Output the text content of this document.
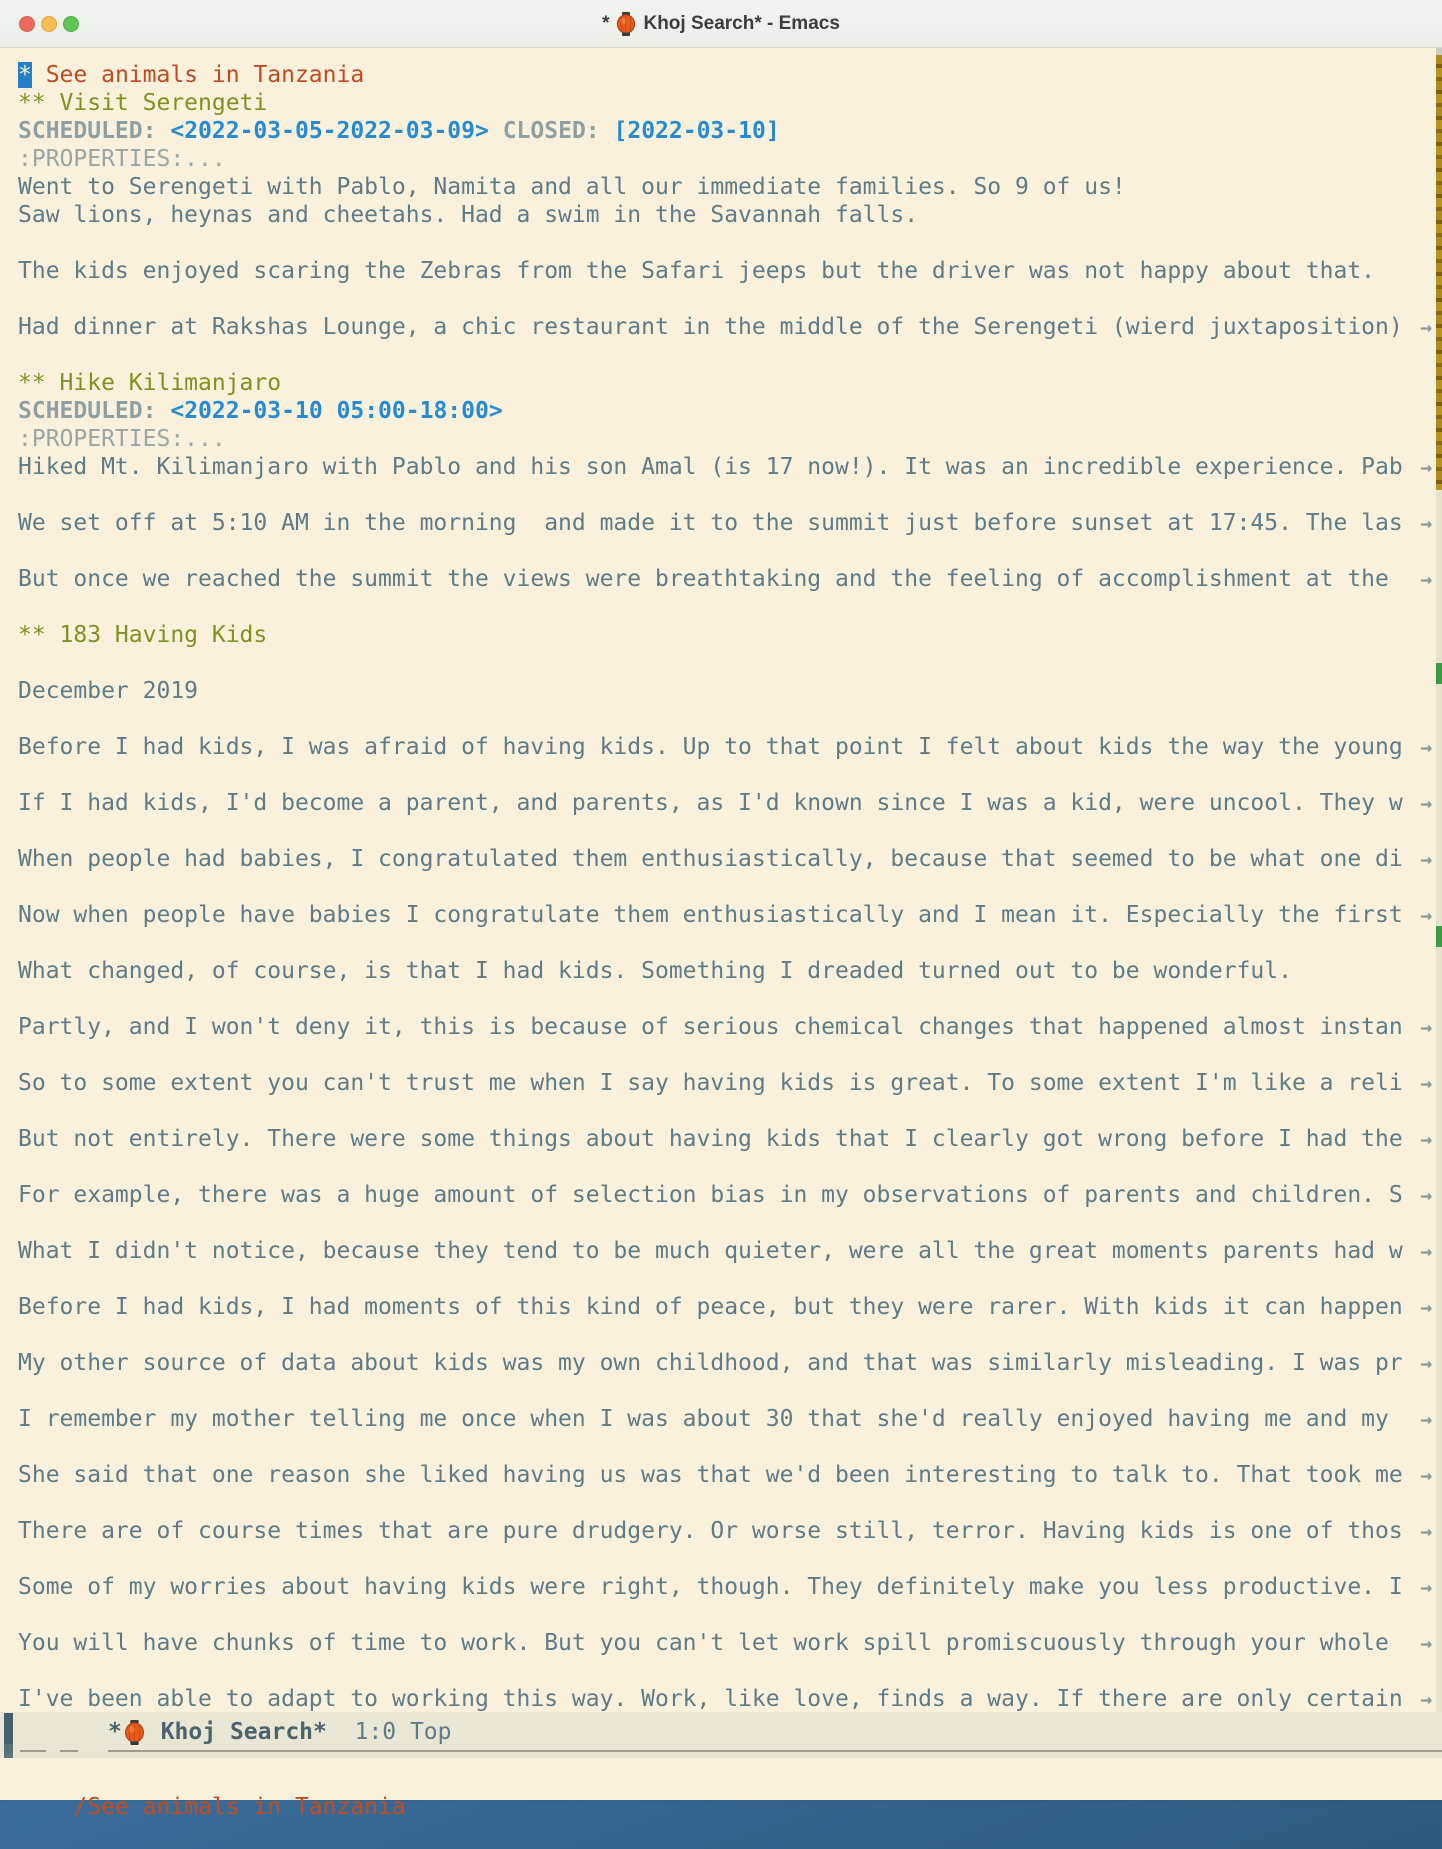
* Khoj Search* - Emacs
* See animals in Tanzania
** Visit Serengeti
SCHEDULED: <2022-03-05-2022-03-09> CLOSED: [2022-03-10]
:PROPERTIES:...
Went to Serengeti with Pablo, Namita and all our immediate families. So 9 of us!
Saw lions, heynas and cheetahs. Had a swim in the Savannah falls.
The kids enjoyed scaring the Zebras from the Safari jeeps but the driver was not happy about that.
Had dinner at Rakshas Lounge, a chic restaurant in the middle of the Serengeti (wierd juxtaposition) →
** Hike Kilimanjaro
SCHEDULED: <2022-03-10 05:00-18:00>
:PROPERTIES:...
Hiked Mt. Kilimanjaro with Pablo and his son Amal (is 17 now!). It was an incredible experience. Pab →
We set off at 5:10 AM in the morning  and made it to the summit just before sunset at 17:45. The las →
But once we reached the summit the views were breathtaking and the feeling of accomplishment at the →
** 183 Having Kids
December 2019
Before I had kids, I was afraid of having kids. Up to that point I felt about kids the way the young →
If I had kids, I'd become a parent, and parents, as I'd known since I was a kid, were uncool. They w →
When people had babies, I congratulated them enthusiastically, because that seemed to be what one di →
Now when people have babies I congratulate them enthusiastically and I mean it. Especially the first →
What changed, of course, is that I had kids. Something I dreaded turned out to be wonderful.
Partly, and I won't deny it, this is because of serious chemical changes that happened almost instan →
So to some extent you can't trust me when I say having kids is great. To some extent I'm like a reli →
But not entirely. There were some things about having kids that I clearly got wrong before I had the →
For example, there was a huge amount of selection bias in my observations of parents and children. S →
What I didn't notice, because they tend to be much quieter, were all the great moments parents had w →
Before I had kids, I had moments of this kind of peace, but they were rarer. With kids it can happen →
My other source of data about kids was my own childhood, and that was similarly misleading. I was pr →
I remember my mother telling me once when I was about 30 that she'd really enjoyed having me and my →
She said that one reason she liked having us was that we'd been interesting to talk to. That took me →
There are of course times that are pure drudgery. Or worse still, terror. Having kids is one of thos →
Some of my worries about having kids were right, though. They definitely make you less productive. I →
You will have chunks of time to work. But you can't let work spill promiscuously through your whole →
I've been able to adapt to working this way. Work, like love, finds a way. If there are only certain →
* Khoj Search* 1:0 Top

/See animals in Tanzania
